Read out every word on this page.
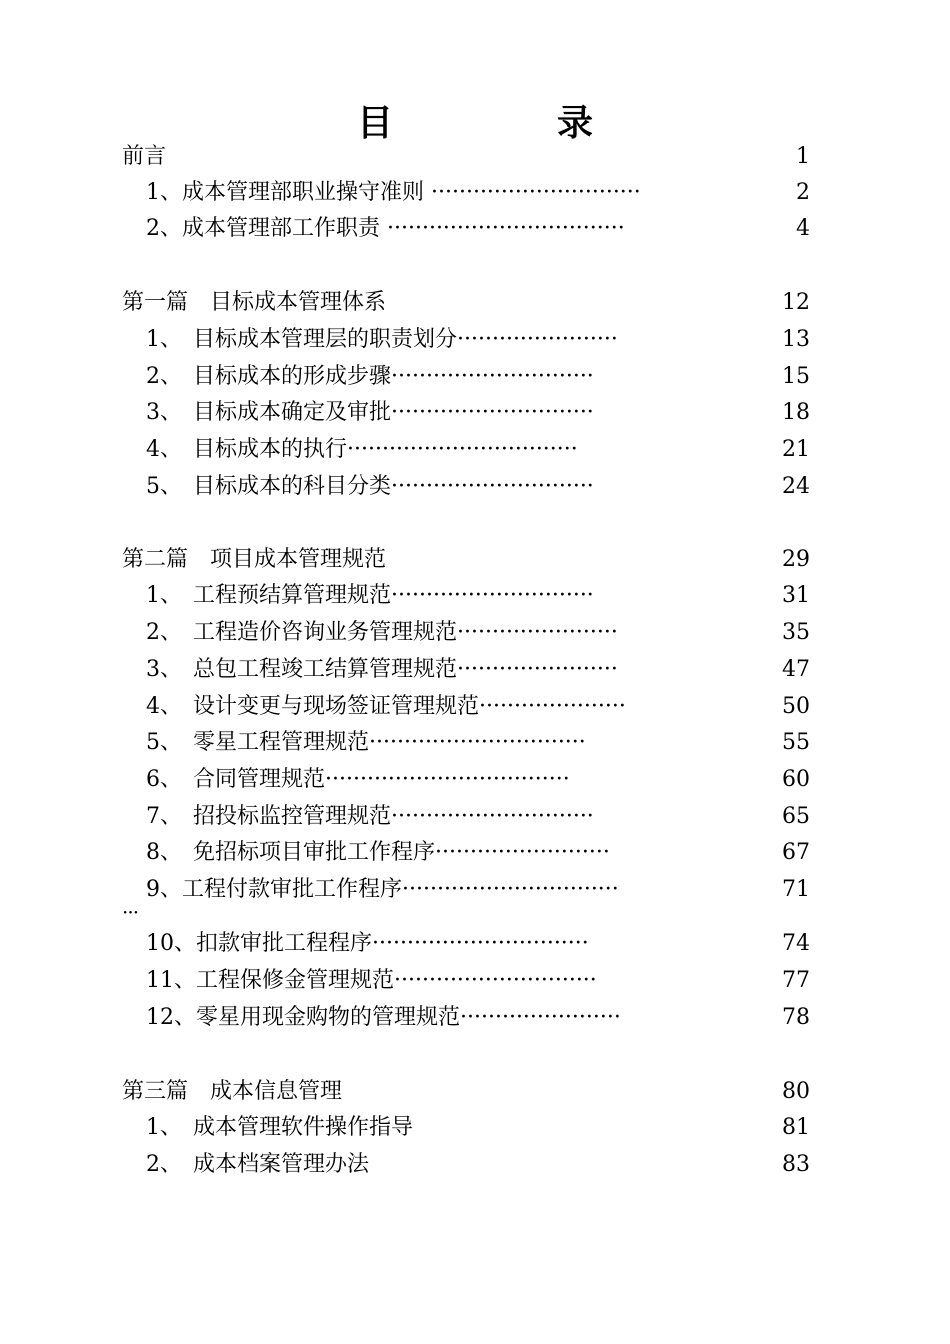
目　录
前言	1
1、成本管理部职业操守准则 ······························	2
2、成本管理部工作职责 ··································	4
第一篇　目标成本管理体系	12
1、　目标成本管理层的职责划分·······················	13
2、　目标成本的形成步骤·····························	15
3、　目标成本确定及审批·····························	18
4、　目标成本的执行·································	21
5、　目标成本的科目分类·····························	24
第二篇　项目成本管理规范	29
1、　工程预结算管理规范·····························	31
2、　工程造价咨询业务管理规范·······················	35
3、　总包工程竣工结算管理规范·······················	47
4、　设计变更与现场签证管理规范·····················	50
5、　零星工程管理规范·······························	55
6、　合同管理规范···································	60
7、　招投标监控管理规范·····························	65
8、　免招标项目审批工作程序·························	67
9、工程付款审批工作程序·······························	71
10、扣款审批工程程序·······························	74
11、工程保修金管理规范·····························	77
12、零星用现金购物的管理规范·······················	78
第三篇　成本信息管理	80
1、　成本管理软件操作指导	81
2、　成本档案管理办法	83
···
